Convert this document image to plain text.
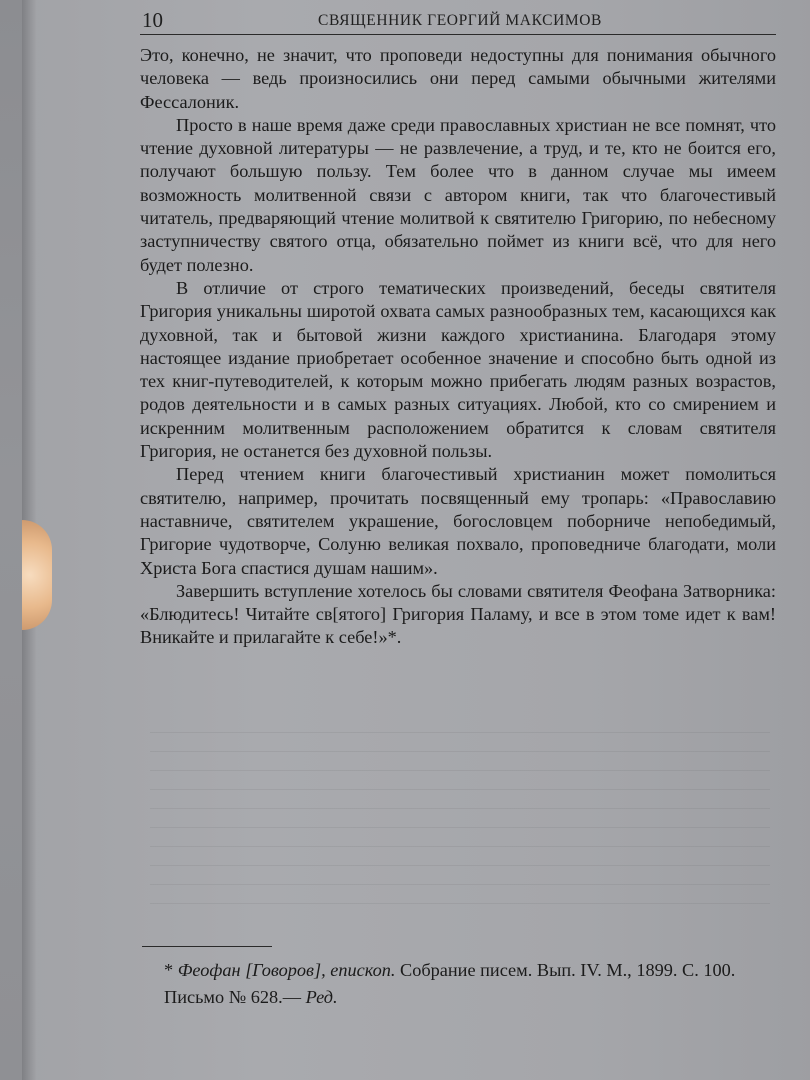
10	СВЯЩЕННИК ГЕОРГИЙ МАКСИМОВ

Это, конечно, не значит, что проповеди недоступны для понимания обычного человека — ведь произносились они перед самыми обычными жителями Фессалоник.

Просто в наше время даже среди православных христиан не все помнят, что чтение духовной литературы — не развлечение, а труд, и те, кто не боится его, получают большую пользу. Тем более что в данном случае мы имеем возможность молитвенной связи с автором книги, так что благочестивый читатель, предваряющий чтение молитвой к святителю Григорию, по небесному заступничеству святого отца, обязательно поймет из книги всё, что для него будет полезно.

В отличие от строго тематических произведений, беседы святителя Григория уникальны широтой охвата самых разнообразных тем, касающихся как духовной, так и бытовой жизни каждого христианина. Благодаря этому настоящее издание приобретает особенное значение и способно быть одной из тех книг-путеводителей, к которым можно прибегать людям разных возрастов, родов деятельности и в самых разных ситуациях. Любой, кто со смирением и искренним молитвенным расположением обратится к словам святителя Григория, не останется без духовной пользы.

Перед чтением книги благочестивый христианин может помолиться святителю, например, прочитать посвященный ему тропарь: «Православию наставниче, святителем украшение, богословцем поборниче непобедимый, Григорие чудотворче, Солуню великая похвало, проповедниче благодати, моли Христа Бога спастися душам нашим».

Завершить вступление хотелось бы словами святителя Феофана Затворника: «Блюдитесь! Читайте св[ятого] Григория Паламу, и все в этом томе идет к вам! Вникайте и прилагайте к себе!»*.

* Феофан [Говоров], епископ. Собрание писем. Вып. IV. М., 1899. С. 100. Письмо № 628.— Ред.
